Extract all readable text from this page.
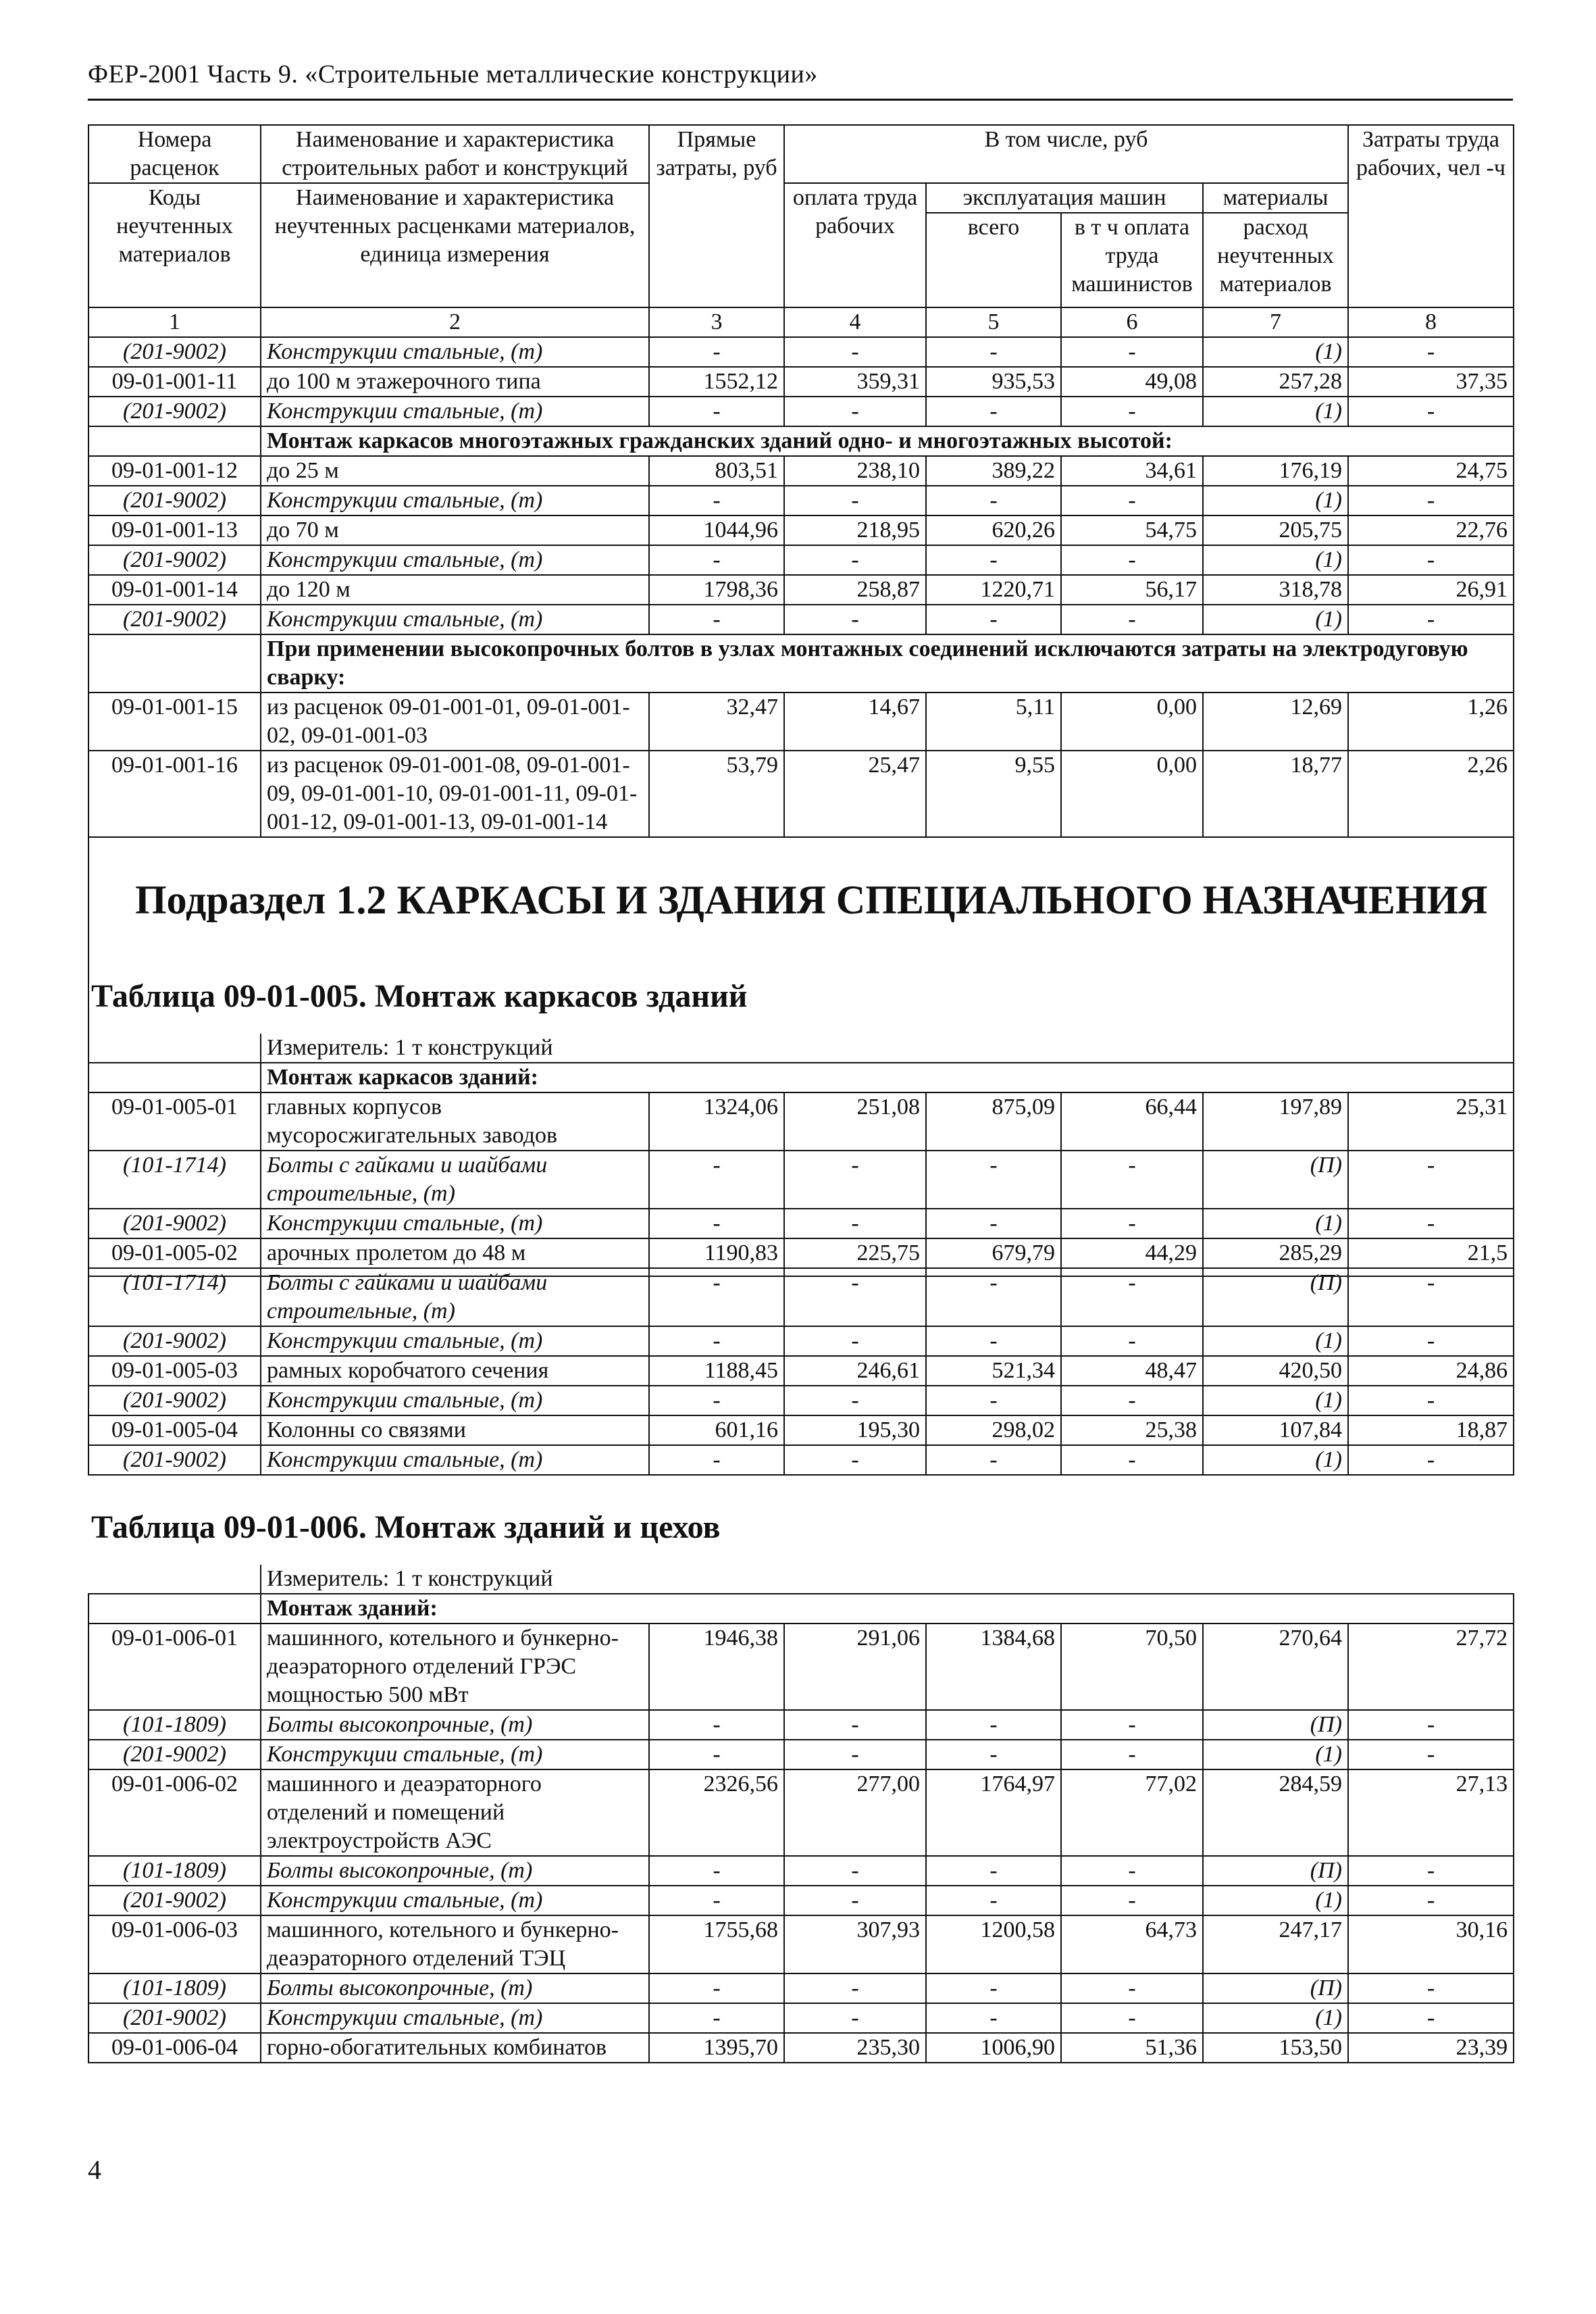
ФЕР-2001 Часть 9. «Строительные металлические конструкции»
Номера расценок	Наименование и характеристика строительных работ и конструкций	Прямые затраты, руб	В том числе, руб				Затраты труда рабочих, чел -ч
Коды неучтенных материалов	Наименование и характеристика неучтенных расценками материалов, единица измерения		оплата труда рабочих	эксплуатация машин		материалы	
				всего	в т ч оплата труда машинистов	расход неучтенных материалов	
1	2	3	4	5	6	7	8
(201-9002)	Конструкции стальные, (т)	-	-	-	-	(1)	-
09-01-001-11	до 100 м этажерочного типа	1552,12	359,31	935,53	49,08	257,28	37,35
(201-9002)	Конструкции стальные, (т)	-	-	-	-	(1)	-
	Монтаж каркасов многоэтажных гражданских зданий одно- и многоэтажных высотой:						
09-01-001-12	до 25 м	803,51	238,10	389,22	34,61	176,19	24,75
(201-9002)	Конструкции стальные, (т)	-	-	-	-	(1)	-
09-01-001-13	до 70 м	1044,96	218,95	620,26	54,75	205,75	22,76
(201-9002)	Конструкции стальные, (т)	-	-	-	-	(1)	-
09-01-001-14	до 120 м	1798,36	258,87	1220,71	56,17	318,78	26,91
(201-9002)	Конструкции стальные, (т)	-	-	-	-	(1)	-
	При применении высокопрочных болтов в узлах монтажных соединений исключаются затраты на электродуговую сварку:						
09-01-001-15	из расценок 09-01-001-01, 09-01-001-02, 09-01-001-03	32,47	14,67	5,11	0,00	12,69	1,26
09-01-001-16	из расценок 09-01-001-08, 09-01-001-09, 09-01-001-10, 09-01-001-11, 09-01-001-12, 09-01-001-13, 09-01-001-14	53,79	25,47	9,55	0,00	18,77	2,26

Подраздел 1.2 КАРКАСЫ И ЗДАНИЯ СПЕЦИАЛЬНОГО НАЗНАЧЕНИЯ
Таблица 09-01-005. Монтаж каркасов зданий
	Измеритель: 1 т конструкций						
	Монтаж каркасов зданий:						
09-01-005-01	главных корпусов мусоросжигательных заводов	1324,06	251,08	875,09	66,44	197,89	25,31
(101-1714)	Болты с гайками и шайбами строительные, (т)	-	-	-	-	(П)	-
(201-9002)	Конструкции стальные, (т)	-	-	-	-	(1)	-
09-01-005-02	арочных пролетом до 48 м	1190,83	225,75	679,79	44,29	285,29	21,5
(101-1714)	Болты с гайками и шайбами строительные, (т)	-	-	-	-	(П)	-
(201-9002)	Конструкции стальные, (т)	-	-	-	-	(1)	-
09-01-005-03	рамных коробчатого сечения	1188,45	246,61	521,34	48,47	420,50	24,86
(201-9002)	Конструкции стальные, (т)	-	-	-	-	(1)	-
09-01-005-04	Колонны со связями	601,16	195,30	298,02	25,38	107,84	18,87
(201-9002)	Конструкции стальные, (т)	-	-	-	-	(1)	-
Таблица 09-01-006. Монтаж зданий и цехов
	Измеритель: 1 т конструкций						
	Монтаж зданий:						
09-01-006-01	машинного, котельного и бункерно-деаэраторного отделений ГРЭС мощностью 500 мВт	1946,38	291,06	1384,68	70,50	270,64	27,72
(101-1809)	Болты высокопрочные, (т)	-	-	-	-	(П)	-
(201-9002)	Конструкции стальные, (т)	-	-	-	-	(1)	-
09-01-006-02	машинного и деаэраторного отделений и помещений электроустройств АЭС	2326,56	277,00	1764,97	77,02	284,59	27,13
(101-1809)	Болты высокопрочные, (т)	-	-	-	-	(П)	-
(201-9002)	Конструкции стальные, (т)	-	-	-	-	(1)	-
09-01-006-03	машинного, котельного и бункерно-деаэраторного отделений ТЭЦ	1755,68	307,93	1200,58	64,73	247,17	30,16
(101-1809)	Болты высокопрочные, (т)	-	-	-	-	(П)	-
(201-9002)	Конструкции стальные, (т)	-	-	-	-	(1)	-
09-01-006-04	горно-обогатительных комбинатов	1395,70	235,30	1006,90	51,36	153,50	23,39
4
